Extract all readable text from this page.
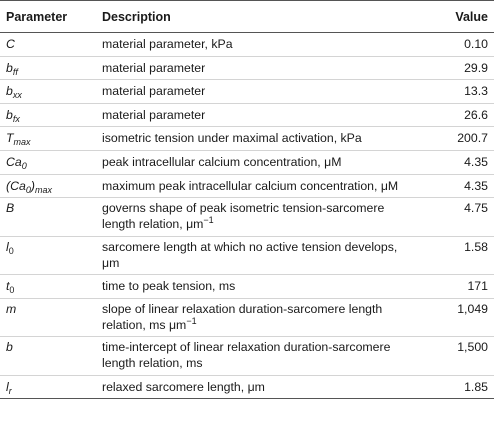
Parameter	Description	Value
C	material parameter, kPa	0.10
$b_{ff}$	material parameter	29.9
$b_{xx}$	material parameter	13.3
$b_{fx}$	material parameter	26.6
$T_{max}$	isometric tension under maximal activation, kPa	200.7
$Ca_0$	peak intracellular calcium concentration, μM	4.35
$(Ca_0)_{max}$	maximum peak intracellular calcium concentration, μM	4.35
B	governs shape of peak isometric tension-sarcomere
length relation, $\mu m^{-1}$	4.75
$l_0$	sarcomere length at which no active tension develops,
μm	1.58
$t_0$	time to peak tension, ms	171
m	slope of linear relaxation duration-sarcomere length
relation, ms $\mu m^{-1}$	1,049
b	time-intercept of linear relaxation duration-sarcomere
length relation, ms	1,500
$l_r$	relaxed sarcomere length, μm	1.85
